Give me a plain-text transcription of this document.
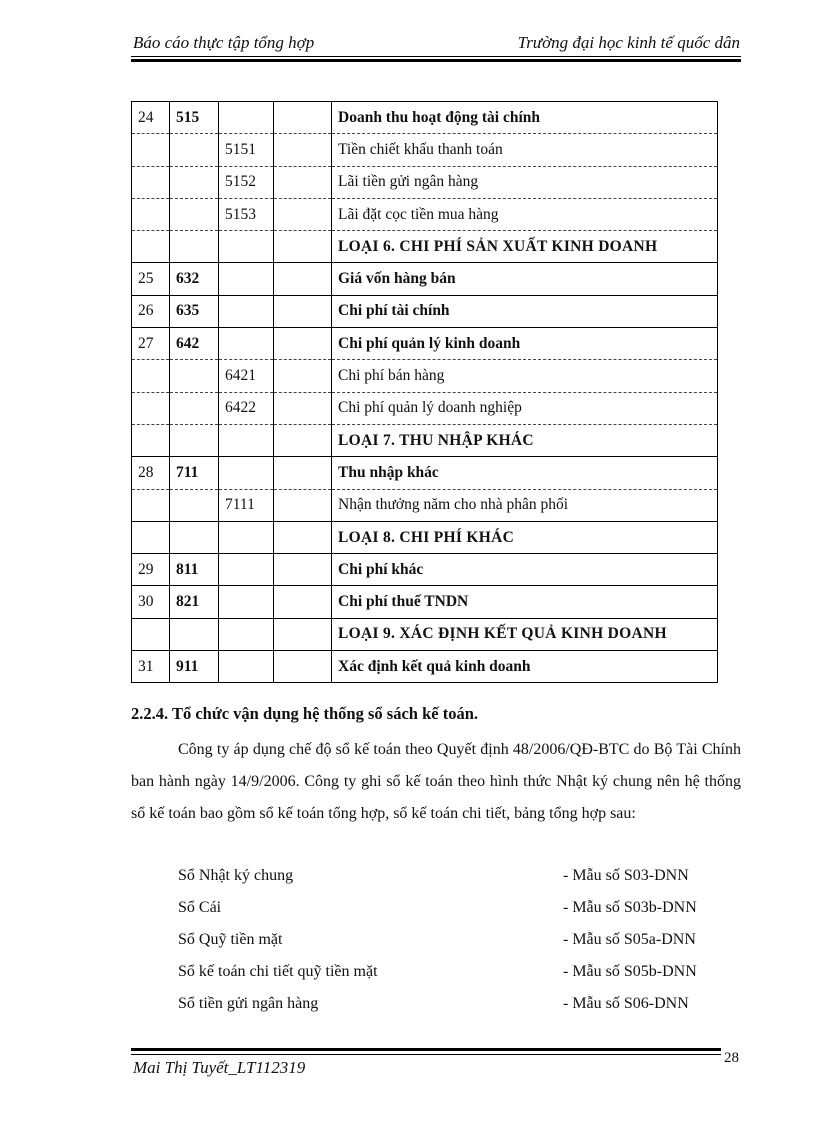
Báo cáo thực tập tổng hợp	Trường đại học kinh tế quốc dân
24	515			Doanh thu hoạt động tài chính
		5151		Tiền chiết khấu thanh toán
		5152		Lãi tiền gửi ngân hàng
		5153		Lãi đặt cọc tiền mua hàng
				LOẠI 6. CHI PHÍ SẢN XUẤT KINH DOANH
25	632			Giá vốn hàng bán
26	635			Chi phí tài chính
27	642			Chi phí quản lý kinh doanh
		6421		Chi phí bán hàng
		6422		Chi phí quản lý doanh nghiệp
				LOẠI 7. THU NHẬP KHÁC
28	711			Thu nhập khác
		7111		Nhận thưởng năm cho nhà phân phối
				LOẠI 8. CHI PHÍ KHÁC
29	811			Chi phí khác
30	821			Chi phí thuế TNDN
				LOẠI 9. XÁC ĐỊNH KẾT QUẢ KINH DOANH
31	911			Xác định kết quả kinh doanh
2.2.4. Tổ chức vận dụng hệ thống sổ sách kế toán.
Công ty áp dụng chế độ sổ kế toán theo Quyết định 48/2006/QĐ-BTC do Bộ Tài Chính ban hành ngày 14/9/2006. Công ty ghi sổ kế toán theo hình thức Nhật ký chung nên hệ thống sổ kế toán bao gồm sổ kế toán tổng hợp, sổ kế toán chi tiết, bảng tổng hợp sau:
Sổ Nhật ký chung	- Mẫu số S03-DNN
Sổ Cái	- Mẫu số S03b-DNN
Sổ Quỹ tiền mặt	- Mẫu số S05a-DNN
Sổ kế toán chi tiết quỹ tiền mặt	- Mẫu số S05b-DNN
Sổ tiền gửi ngân hàng	- Mẫu số S06-DNN
Mai Thị Tuyết_LT112319	28
